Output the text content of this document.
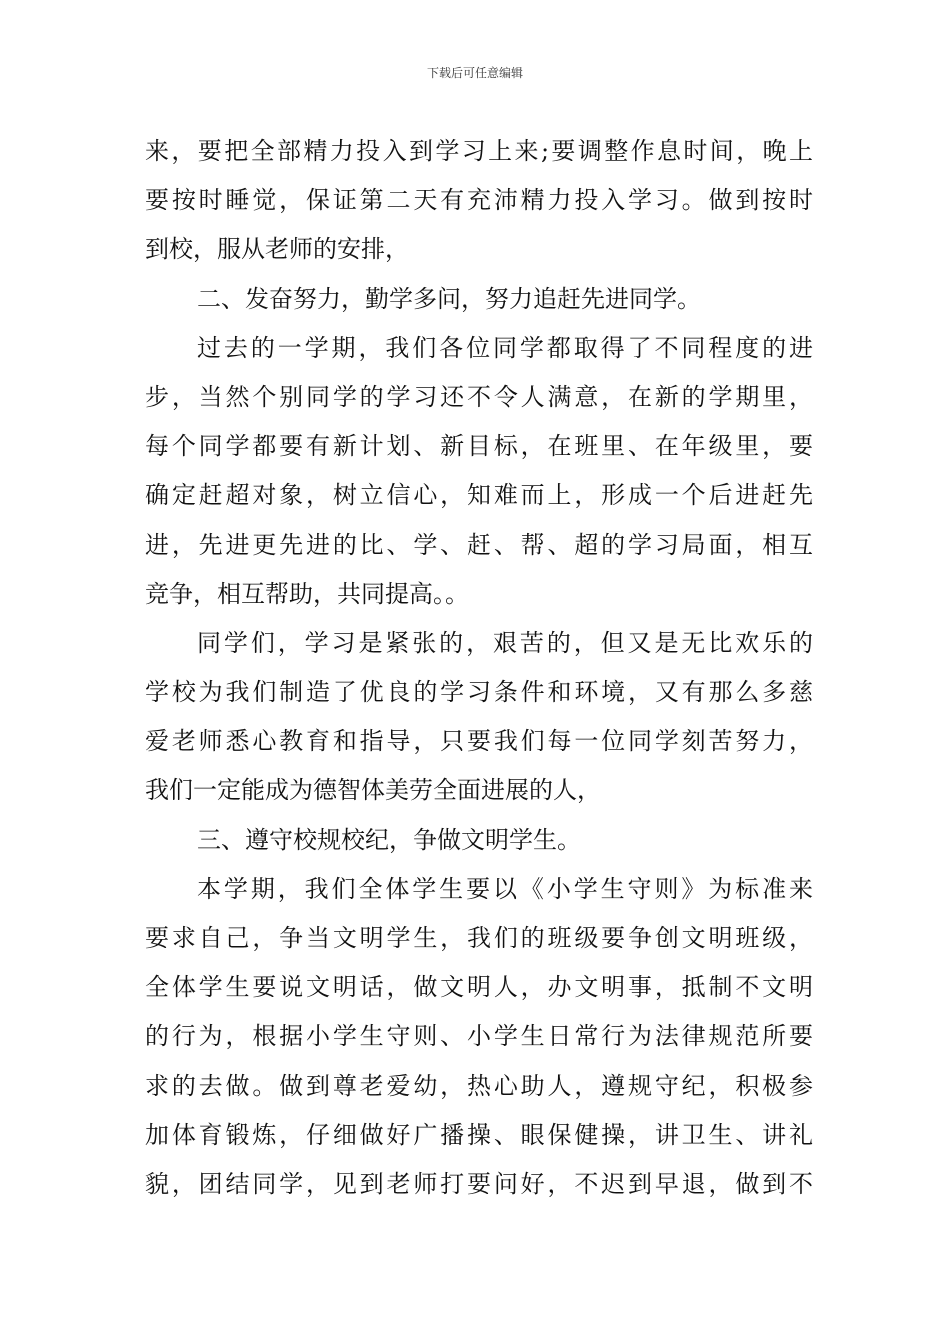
下载后可任意编辑
来，要把全部精力投入到学习上来;要调整作息时间，晚上
要按时睡觉，保证第二天有充沛精力投入学习。做到按时
到校，服从老师的安排，
二、发奋努力，勤学多问，努力追赶先进同学。
过去的一学期，我们各位同学都取得了不同程度的进
步，当然个别同学的学习还不令人满意，在新的学期里，
每个同学都要有新计划、新目标，在班里、在年级里，要
确定赶超对象，树立信心，知难而上，形成一个后进赶先
进，先进更先进的比、学、赶、帮、超的学习局面，相互
竞争，相互帮助，共同提高。。
同学们，学习是紧张的，艰苦的，但又是无比欢乐的
学校为我们制造了优良的学习条件和环境，又有那么多慈
爱老师悉心教育和指导，只要我们每一位同学刻苦努力，
我们一定能成为德智体美劳全面进展的人，
三、遵守校规校纪，争做文明学生。
本学期，我们全体学生要以《小学生守则》为标准来
要求自己，争当文明学生，我们的班级要争创文明班级，
全体学生要说文明话，做文明人，办文明事，抵制不文明
的行为，根据小学生守则、小学生日常行为法律规范所要
求的去做。做到尊老爱幼，热心助人，遵规守纪，积极参
加体育锻炼，仔细做好广播操、眼保健操，讲卫生、讲礼
貌，团结同学，见到老师打要问好，不迟到早退，做到不
